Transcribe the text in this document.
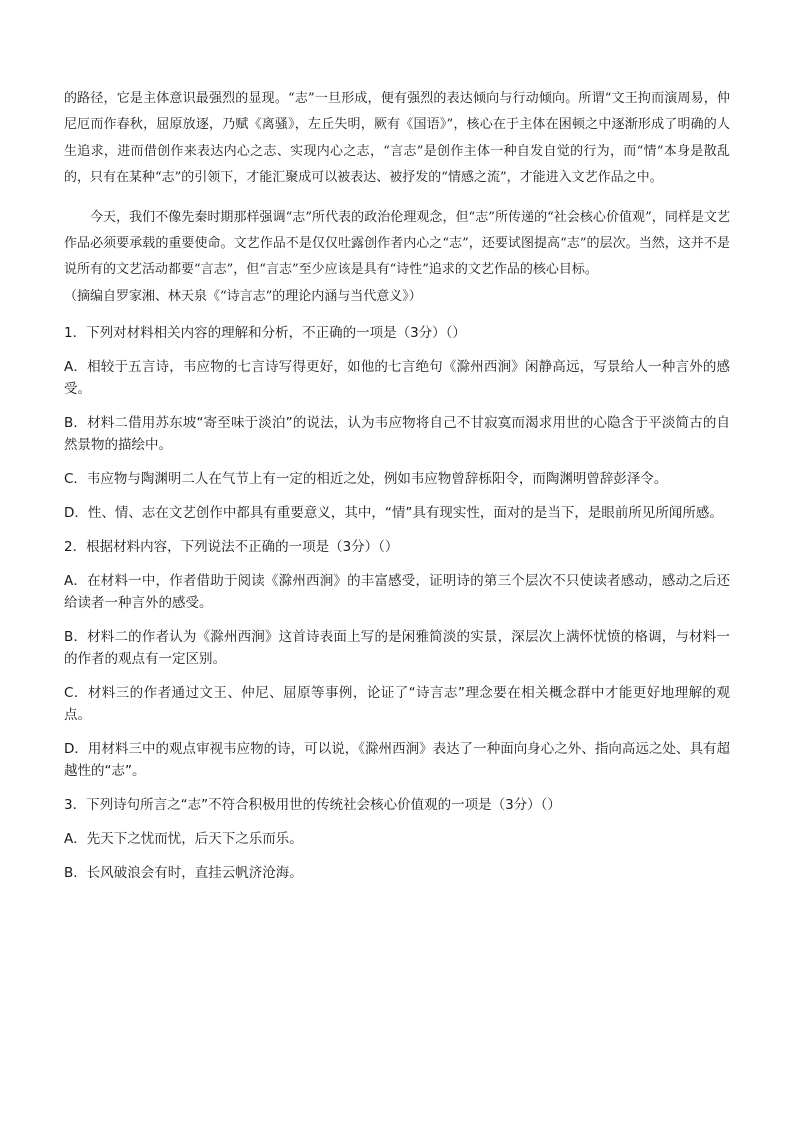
的路径，它是主体意识最强烈的显现。“志”一旦形成，便有强烈的表达倾向与行动倾向。所谓“文王拘而演周易，仲尼厄而作春秋，屈原放逐，乃赋《离骚》，左丘失明，厥有《国语》”，核心在于主体在困顿之中逐渐形成了明确的人生追求，进而借创作来表达内心之志、实现内心之志，“言志”是创作主体一种自发自觉的行为，而“情”本身是散乱的，只有在某种“志”的引领下，才能汇聚成可以被表达、被抒发的“情感之流”，才能进入文艺作品之中。

今天，我们不像先秦时期那样强调“志”所代表的政治伦理观念，但“志”所传递的“社会核心价值观”，同样是文艺作品必须要承载的重要使命。文艺作品不是仅仅吐露创作者内心之“志”，还要试图提高“志”的层次。当然，这并不是说所有的文艺活动都要“言志”，但“言志”至少应该是具有“诗性”追求的文艺作品的核心目标。

（摘编自罗家湘、林天泉《“诗言志”的理论内涵与当代意义》）

1．下列对材料相关内容的理解和分析，不正确的一项是（3分）（）

A．相较于五言诗，韦应物的七言诗写得更好，如他的七言绝句《滁州西涧》闲静高远，写景给人一种言外的感受。

B．材料二借用苏东坡“寄至味于淡泊”的说法，认为韦应物将自己不甘寂寞而渴求用世的心隐含于平淡简古的自然景物的描绘中。

C．韦应物与陶渊明二人在气节上有一定的相近之处，例如韦应物曾辞栎阳令，而陶渊明曾辞彭泽令。

D．性、情、志在文艺创作中都具有重要意义，其中，“情”具有现实性，面对的是当下，是眼前所见所闻所感。

2．根据材料内容，下列说法不正确的一项是（3分）（）

A．在材料一中，作者借助于阅读《滁州西涧》的丰富感受，证明诗的第三个层次不只使读者感动，感动之后还给读者一种言外的感受。

B．材料二的作者认为《滁州西涧》这首诗表面上写的是闲雅简淡的实景，深层次上满怀忧愤的格调，与材料一的作者的观点有一定区别。

C．材料三的作者通过文王、仲尼、屈原等事例，论证了“诗言志”理念要在相关概念群中才能更好地理解的观点。

D．用材料三中的观点审视韦应物的诗，可以说，《滁州西涧》表达了一种面向身心之外、指向高远之处、具有超越性的“志”。

3．下列诗句所言之“志”不符合积极用世的传统社会核心价值观的一项是（3分）（）

A．先天下之忧而忧，后天下之乐而乐。

B．长风破浪会有时，直挂云帆济沧海。
